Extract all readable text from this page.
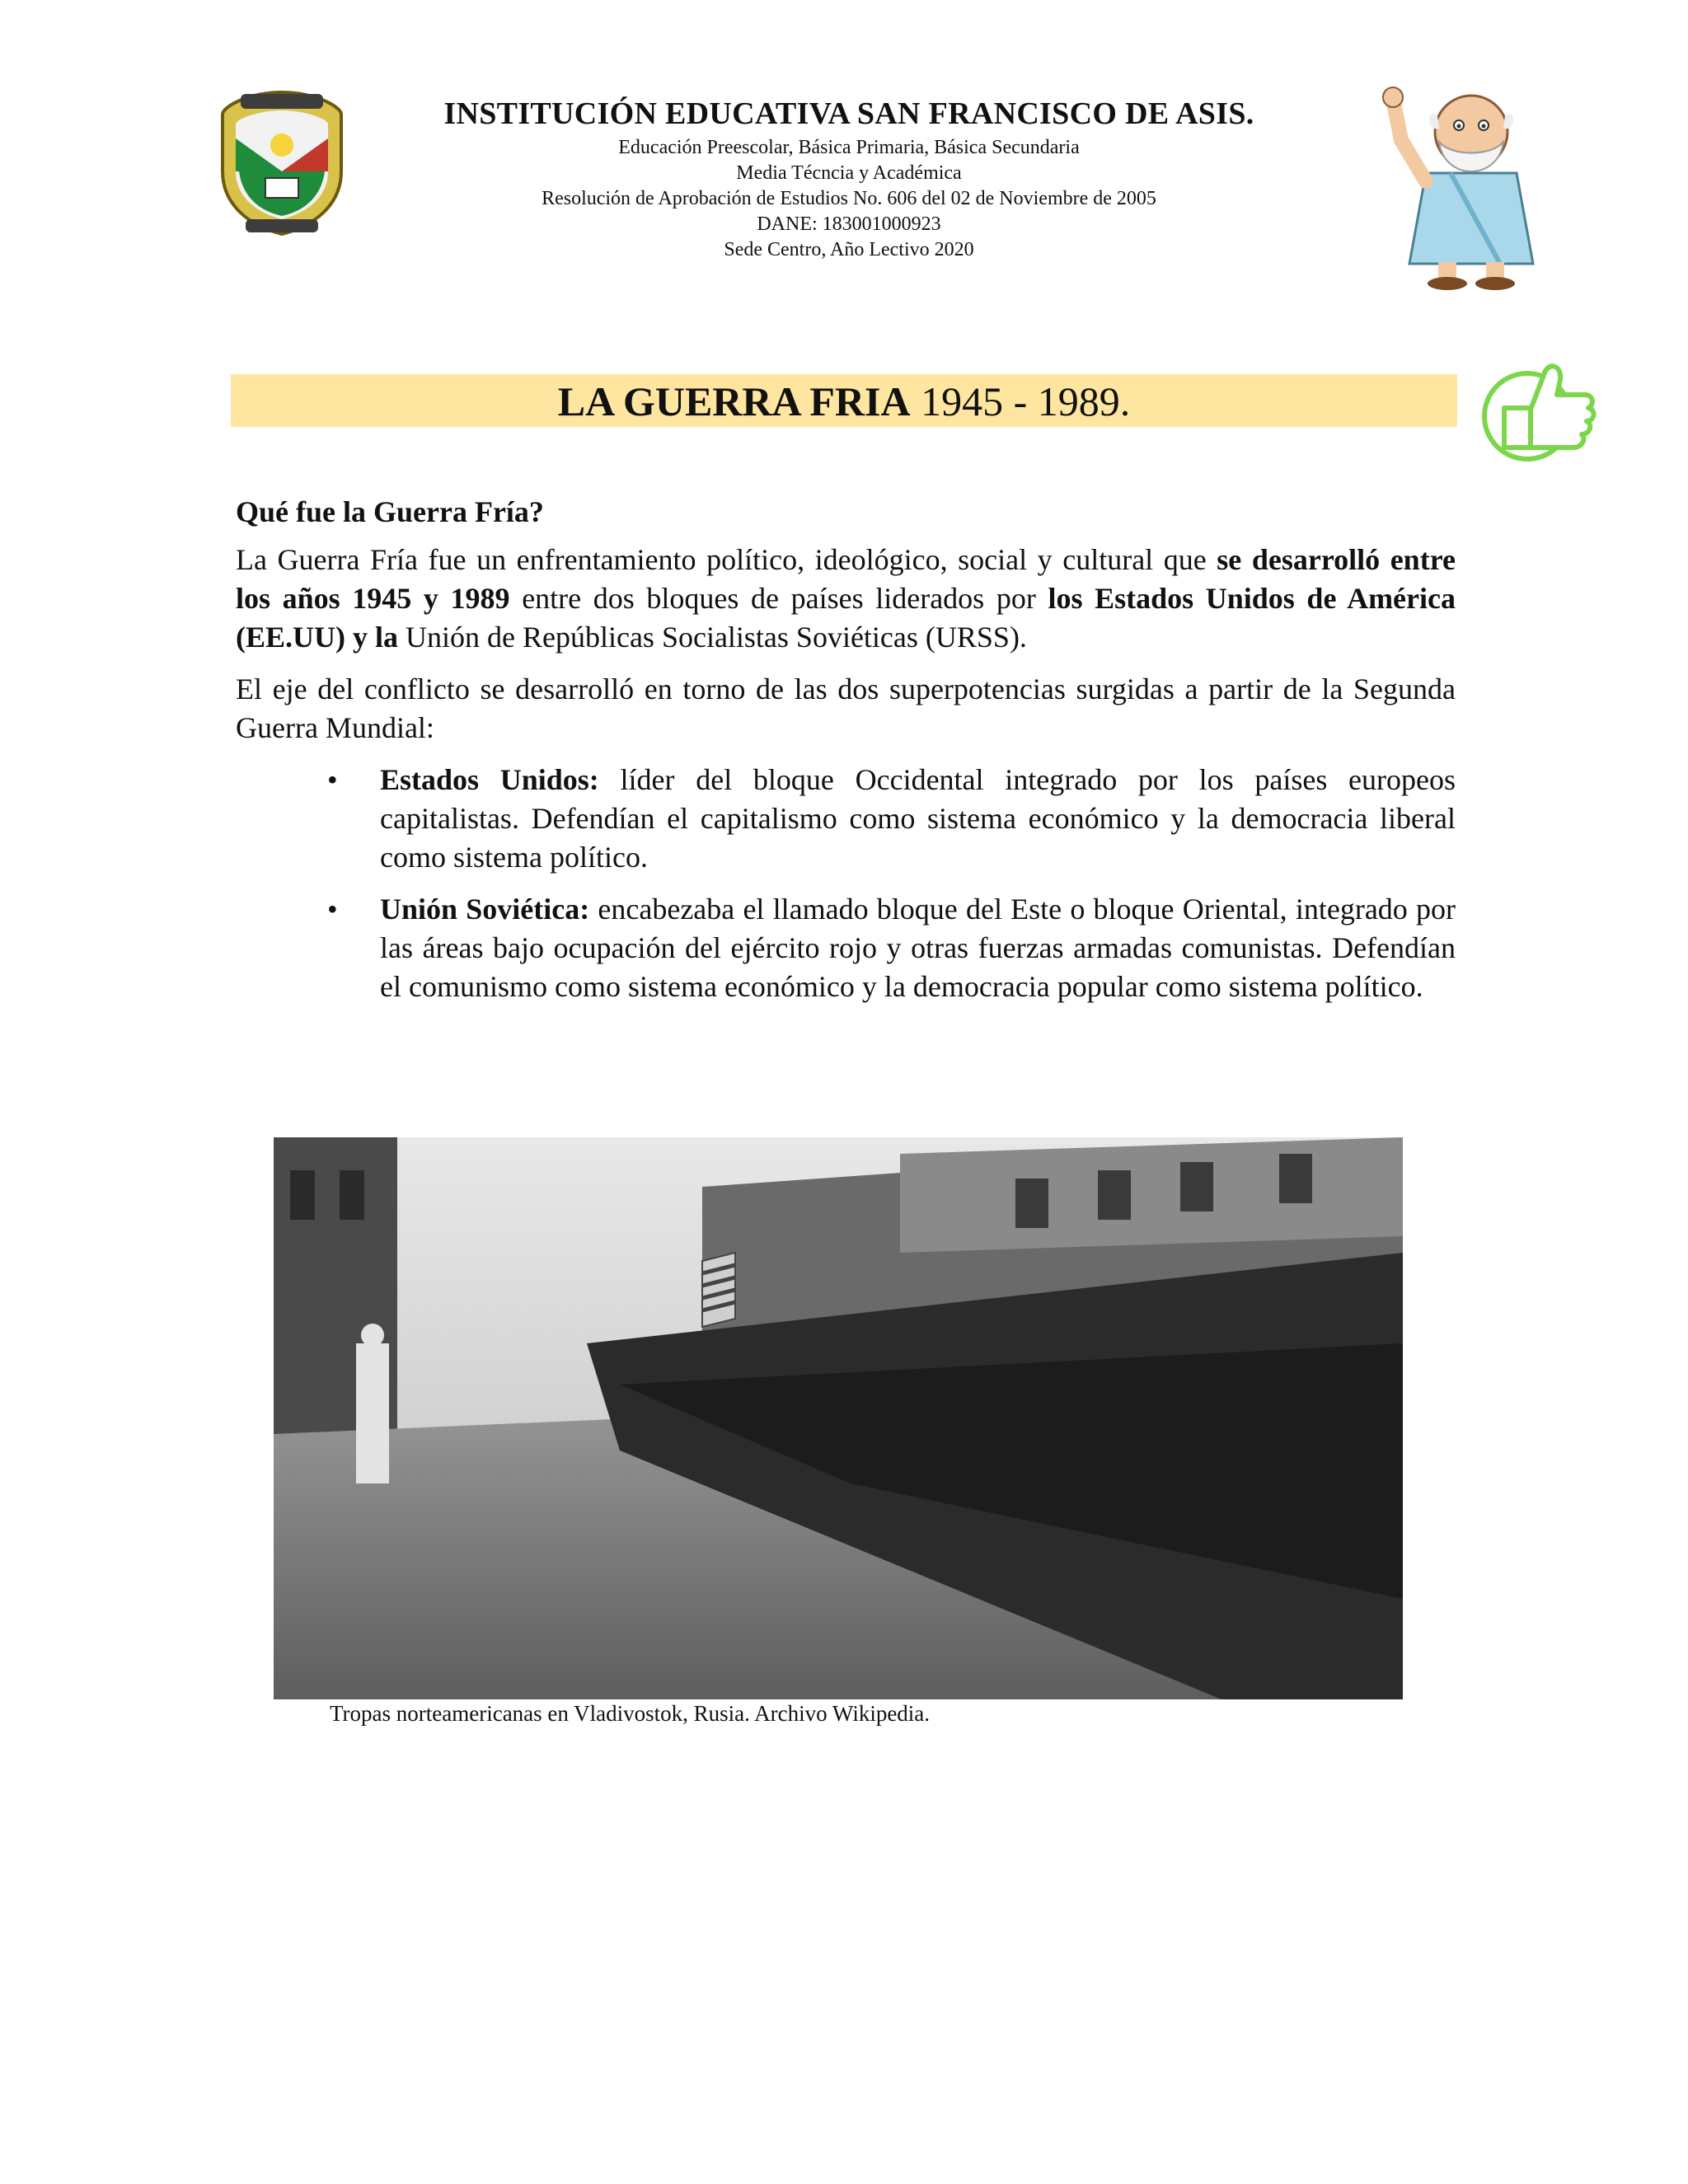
INSTITUCIÓN EDUCATIVA SAN FRANCISCO DE ASIS.

Educación Preescolar, Básica Primaria, Básica Secundaria

Media Técncia y Académica

Resolución de Aprobación de Estudios No. 606 del 02 de Noviembre de 2005

DANE: 183001000923

Sede Centro, Año Lectivo 2020

LA GUERRA FRIA 1945 - 1989.

Qué fue la Guerra Fría?

La Guerra Fría fue un enfrentamiento político, ideológico, social y cultural que se desarrolló entre los años 1945 y 1989 entre dos bloques de países liderados por los Estados Unidos de América (EE.UU) y la Unión de Repúblicas Socialistas Soviéticas (URSS).

El eje del conflicto se desarrolló en torno de las dos superpotencias surgidas a partir de la Segunda Guerra Mundial:

• Estados Unidos: líder del bloque Occidental integrado por los países europeos capitalistas. Defendían el capitalismo como sistema económico y la democracia liberal como sistema político.
• Unión Soviética: encabezaba el llamado bloque del Este o bloque Oriental, integrado por las áreas bajo ocupación del ejército rojo y otras fuerzas armadas comunistas. Defendían el comunismo como sistema económico y la democracia popular como sistema político.
Tropas norteamericanas en Vladivostok, Rusia. Archivo Wikipedia.
